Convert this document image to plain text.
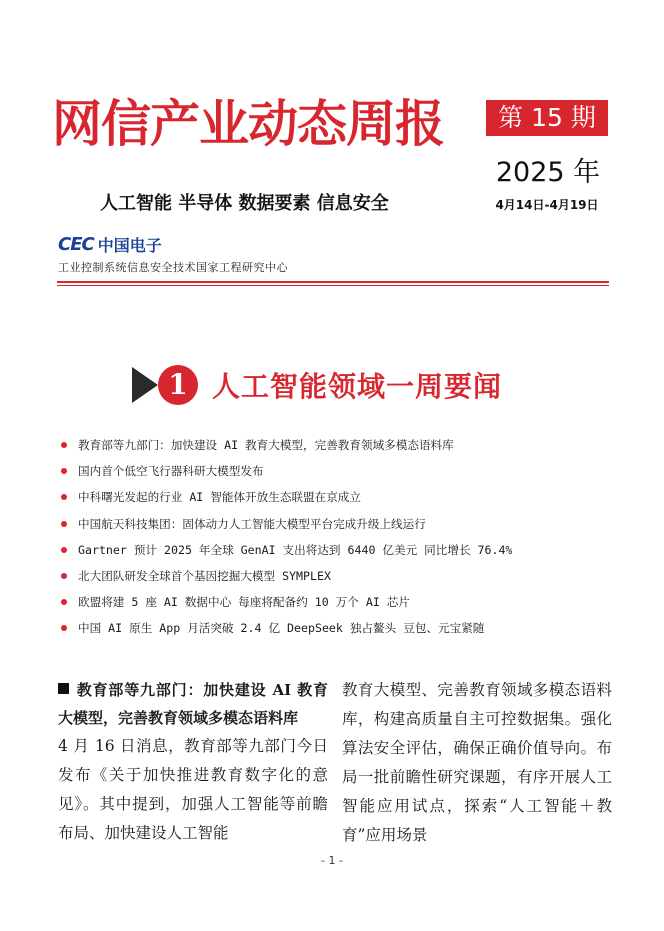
网信产业动态周报	第 15 期
2025 年
4月14日-4月19日
人工智能 半导体 数据要素 信息安全
CEC 中国电子
工业控制系统信息安全技术国家工程研究中心
1 人工智能领域一周要闻
教育部等九部门：加快建设 AI 教育大模型，完善教育领域多模态语料库
国内首个低空飞行器科研大模型发布
中科曙光发起的行业 AI 智能体开放生态联盟在京成立
中国航天科技集团：固体动力人工智能大模型平台完成升级上线运行
Gartner 预计 2025 年全球 GenAI 支出将达到 6440 亿美元 同比增长 76.4%
北大团队研发全球首个基因挖掘大模型 SYMPLEX
欧盟将建 5 座 AI 数据中心 每座将配备约 10 万个 AI 芯片
中国 AI 原生 App 月活突破 2.4 亿 DeepSeek 独占鳌头 豆包、元宝紧随

教育部等九部门：加快建设 AI 教育大模型，完善教育领域多模态语料库

4 月 16 日消息，教育部等九部门今日发布《关于加快推进教育数字化的意见》。其中提到，加强人工智能等前瞻布局、加快建设人工智能

教育大模型、完善教育领域多模态语料库，构建高质量自主可控数据集。强化算法安全评估，确保正确价值导向。布局一批前瞻性研究课题，有序开展人工智能应用试点，探索“人工智能＋教育”应用场景

- 1 -
